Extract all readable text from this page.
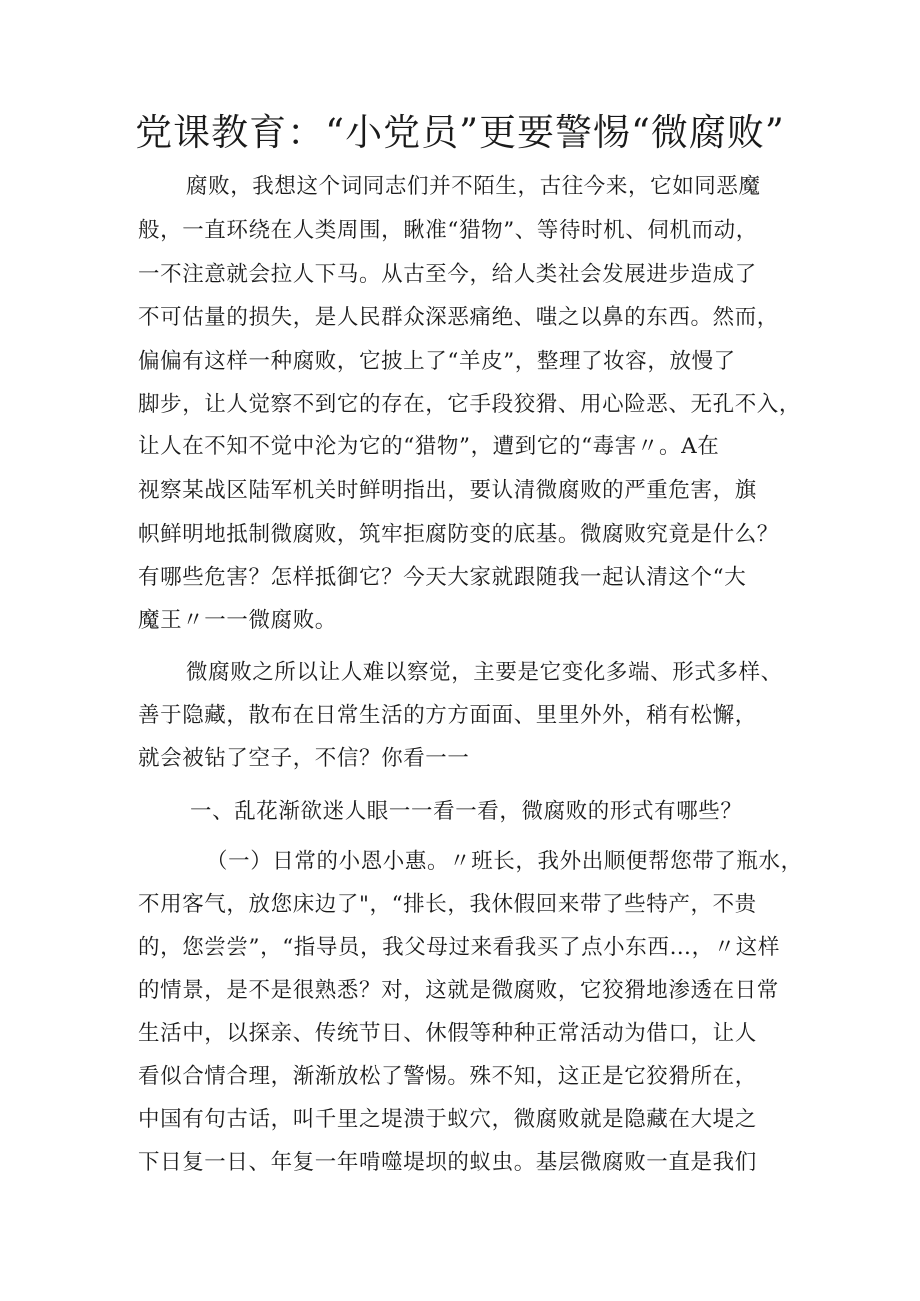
党课教育：“小党员”更要警惕“微腐败”

腐败，我想这个词同志们并不陌生，古往今来，它如同恶魔

般，一直环绕在人类周围，瞅准“猎物”、等待时机、伺机而动，

一不注意就会拉人下马。从古至今，给人类社会发展进步造成了

不可估量的损失，是人民群众深恶痛绝、嗤之以鼻的东西。然而，

偏偏有这样一种腐败，它披上了“羊皮”，整理了妆容，放慢了

脚步，让人觉察不到它的存在，它手段狡猾、用心险恶、无孔不入，

让人在不知不觉中沦为它的“猎物”，遭到它的“毒害〃。A在

视察某战区陆军机关时鲜明指出，要认清微腐败的严重危害，旗

帜鲜明地抵制微腐败，筑牢拒腐防变的底基。微腐败究竟是什么？

有哪些危害？怎样抵御它？今天大家就跟随我一起认清这个“大

魔王〃一一微腐败。

微腐败之所以让人难以察觉，主要是它变化多端、形式多样、

善于隐藏，散布在日常生活的方方面面、里里外外，稍有松懈，

就会被钻了空子，不信？你看一一

一、乱花渐欲迷人眼一一看一看，微腐败的形式有哪些？

（一）日常的小恩小惠。〃班长，我外出顺便帮您带了瓶水，

不用客气，放您床边了"，“排长，我休假回来带了些特产，不贵

的，您尝尝”，“指导员，我父母过来看我买了点小东西…，〃这样

的情景，是不是很熟悉？对，这就是微腐败，它狡猾地渗透在日常

生活中，以探亲、传统节日、休假等种种正常活动为借口，让人

看似合情合理，渐渐放松了警惕。殊不知，这正是它狡猾所在，

中国有句古话，叫千里之堤溃于蚁穴，微腐败就是隐藏在大堤之

下日复一日、年复一年啃噬堤坝的蚁虫。基层微腐败一直是我们
